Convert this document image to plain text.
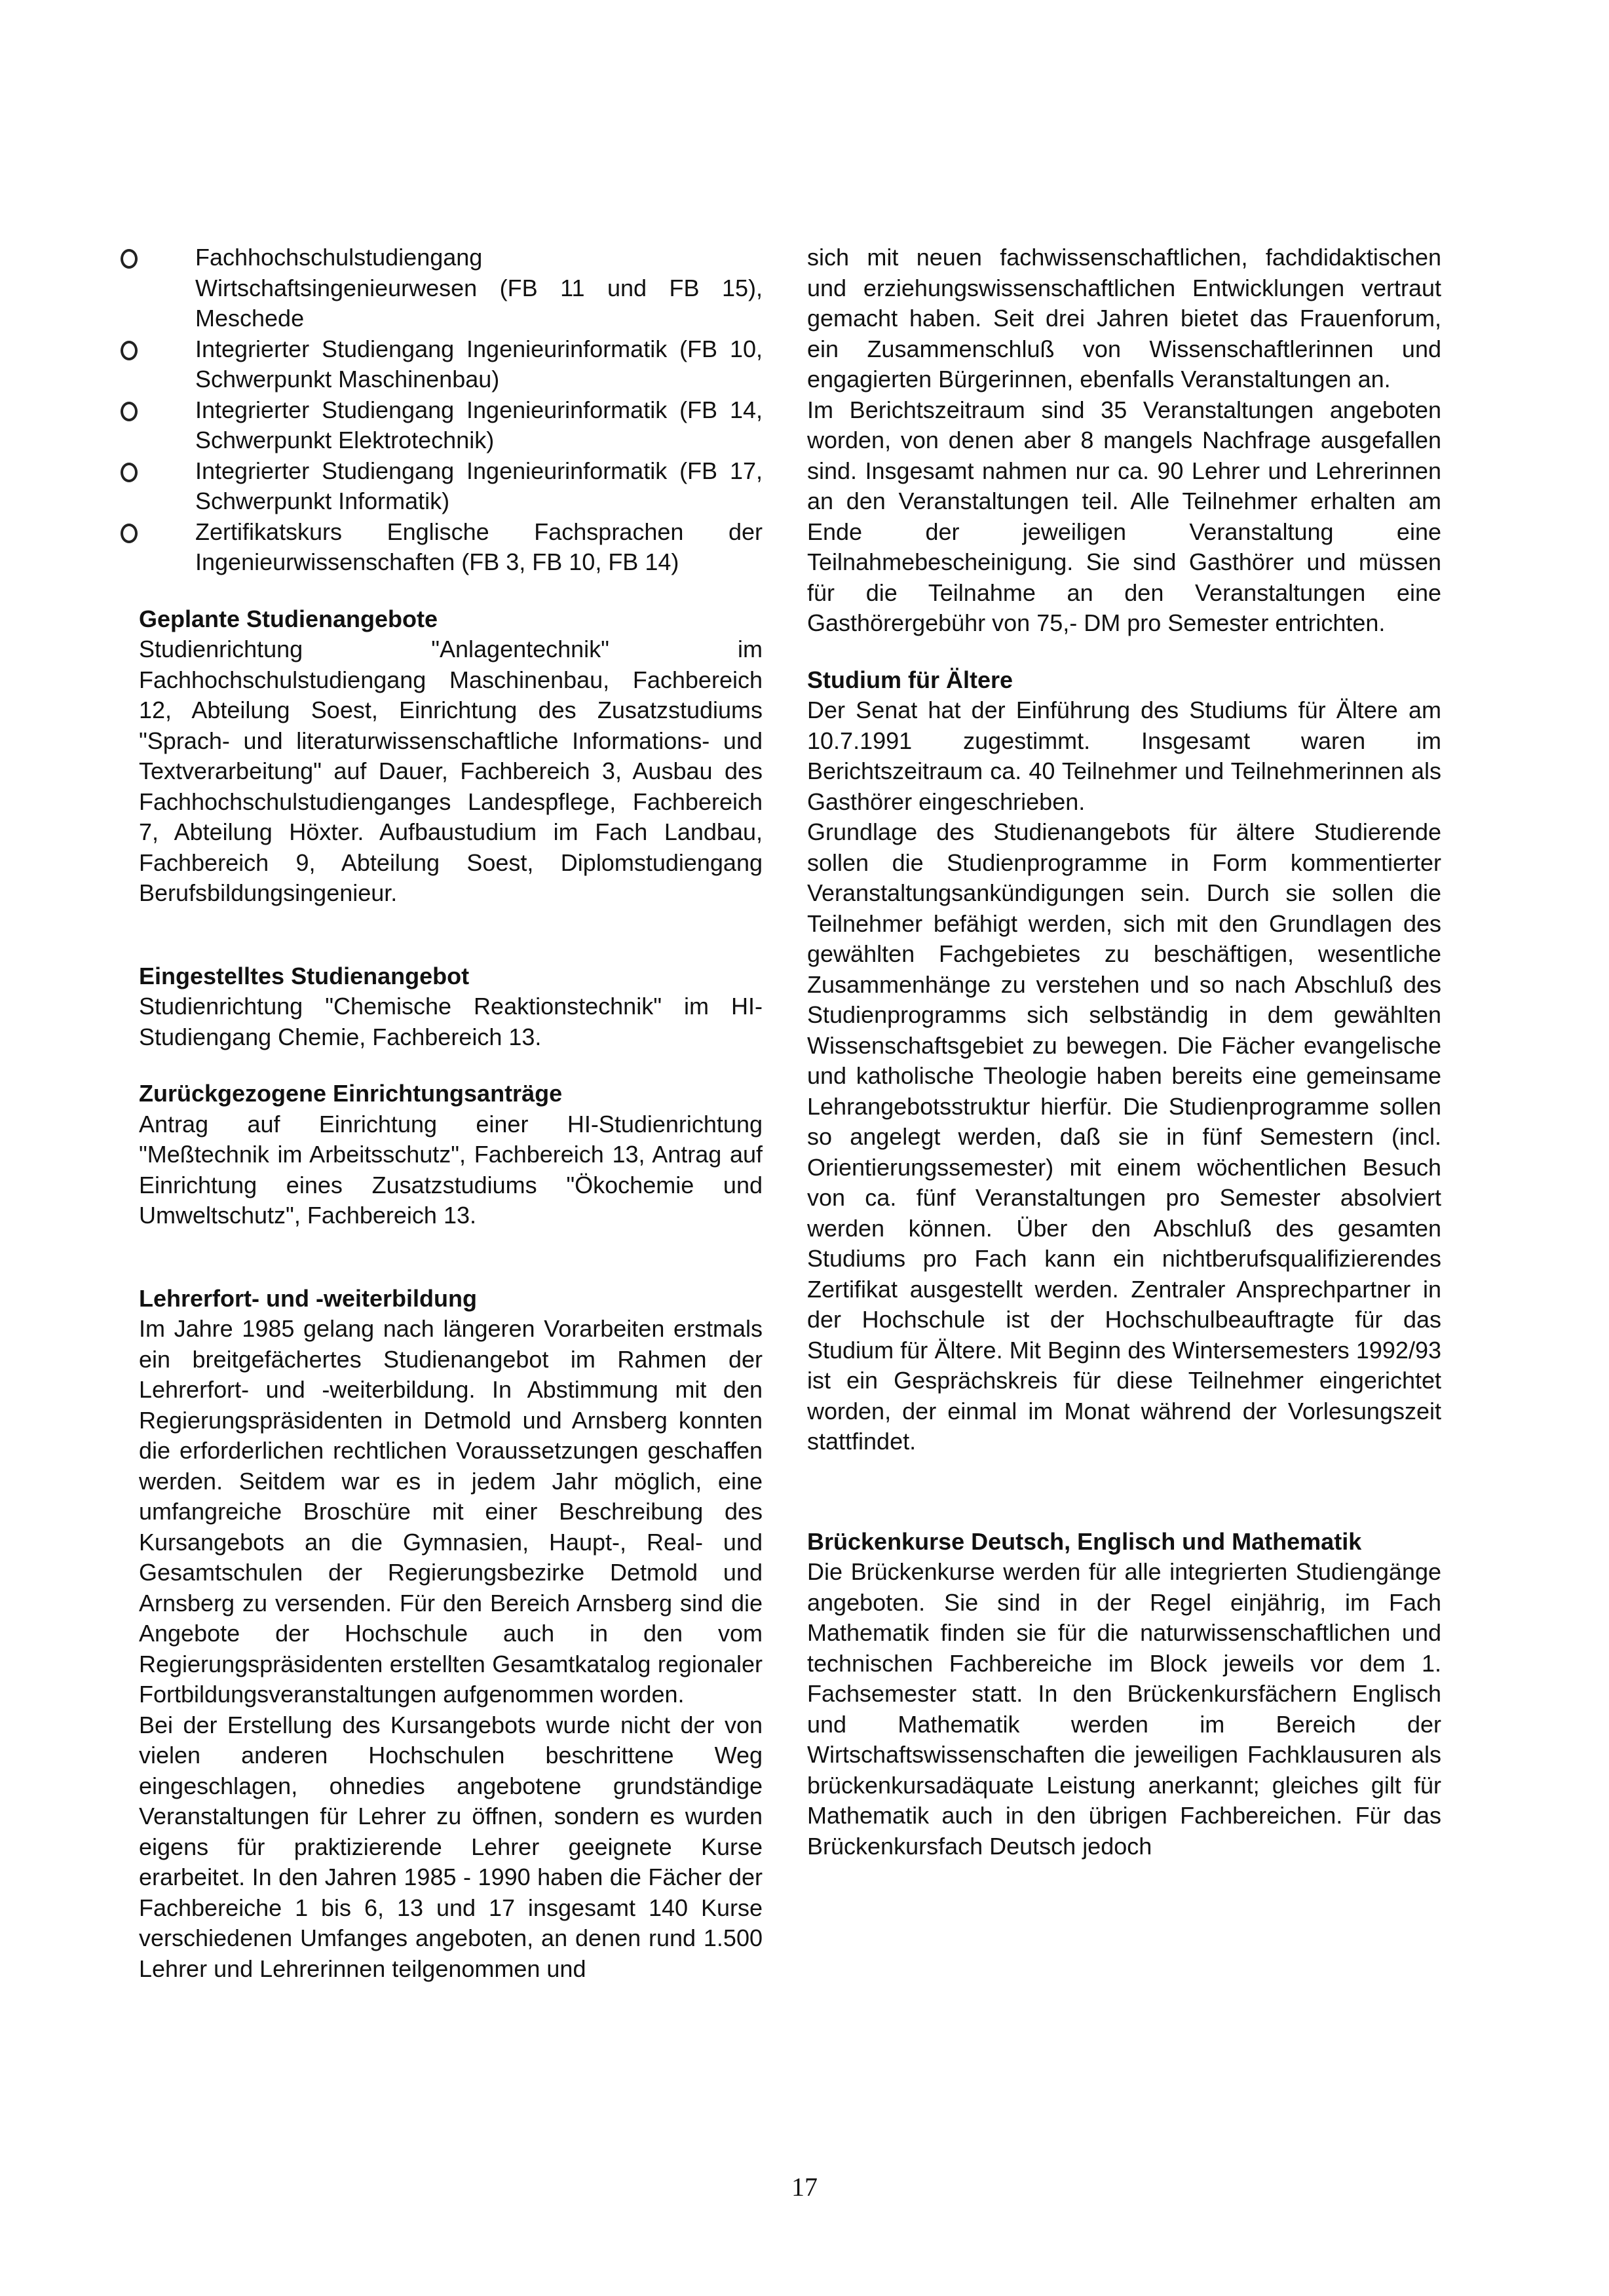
Fachhochschulstudiengang Wirtschaftsingenieurwesen (FB 11 und FB 15), Meschede
Integrierter Studiengang Ingenieurinformatik (FB 10, Schwerpunkt Maschinenbau)
Integrierter Studiengang Ingenieurinformatik (FB 14, Schwerpunkt Elektrotechnik)
Integrierter Studiengang Ingenieurinformatik (FB 17, Schwerpunkt Informatik)
Zertifikatskurs Englische Fachsprachen der Ingenieurwissenschaften (FB 3, FB 10, FB 14)
Geplante Studienangebote

Studienrichtung "Anlagentechnik" im Fachhochschulstudiengang Maschinenbau, Fachbereich 12, Abteilung Soest, Einrichtung des Zusatzstudiums "Sprach- und literaturwissenschaftliche Informations- und Textverarbeitung" auf Dauer, Fachbereich 3, Ausbau des Fachhochschulstudienganges Landespflege, Fachbereich 7, Abteilung Höxter. Aufbaustudium im Fach Landbau, Fachbereich 9, Abteilung Soest, Diplomstudiengang Berufsbildungsingenieur.

Eingestelltes Studienangebot

Studienrichtung "Chemische Reaktionstechnik" im HI-Studiengang Chemie, Fachbereich 13.

Zurückgezogene Einrichtungsanträge

Antrag auf Einrichtung einer HI-Studienrichtung "Meßtechnik im Arbeitsschutz", Fachbereich 13, Antrag auf Einrichtung eines Zusatzstudiums "Ökochemie und Umweltschutz", Fachbereich 13.

Lehrerfort- und -weiterbildung

Im Jahre 1985 gelang nach längeren Vorarbeiten erstmals ein breitgefächertes Studienangebot im Rahmen der Lehrerfort- und -weiterbildung. In Abstimmung mit den Regierungspräsidenten in Detmold und Arnsberg konnten die erforderlichen rechtlichen Voraussetzungen geschaffen werden. Seitdem war es in jedem Jahr möglich, eine umfangreiche Broschüre mit einer Beschreibung des Kursangebots an die Gymnasien, Haupt-, Real- und Gesamtschulen der Regierungsbezirke Detmold und Arnsberg zu versenden. Für den Bereich Arnsberg sind die Angebote der Hochschule auch in den vom Regierungspräsidenten erstellten Gesamtkatalog regionaler Fortbildungsveranstaltungen aufgenommen worden.

Bei der Erstellung des Kursangebots wurde nicht der von vielen anderen Hochschulen beschrittene Weg eingeschlagen, ohnedies angebotene grundständige Veranstaltungen für Lehrer zu öffnen, sondern es wurden eigens für praktizierende Lehrer geeignete Kurse erarbeitet. In den Jahren 1985 - 1990 haben die Fächer der Fachbereiche 1 bis 6, 13 und 17 insgesamt 140 Kurse verschiedenen Umfanges angeboten, an denen rund 1.500 Lehrer und Lehrerinnen teilgenommen und

sich mit neuen fachwissenschaftlichen, fachdidaktischen und erziehungswissenschaftlichen Entwicklungen vertraut gemacht haben. Seit drei Jahren bietet das Frauenforum, ein Zusammenschluß von Wissenschaftlerinnen und engagierten Bürgerinnen, ebenfalls Veranstaltungen an.

Im Berichtszeitraum sind 35 Veranstaltungen angeboten worden, von denen aber 8 mangels Nachfrage ausgefallen sind. Insgesamt nahmen nur ca. 90 Lehrer und Lehrerinnen an den Veranstaltungen teil. Alle Teilnehmer erhalten am Ende der jeweiligen Veranstaltung eine Teilnahmebescheinigung. Sie sind Gasthörer und müssen für die Teilnahme an den Veranstaltungen eine Gasthörergebühr von 75,- DM pro Semester entrichten.

Studium für Ältere

Der Senat hat der Einführung des Studiums für Ältere am 10.7.1991 zugestimmt. Insgesamt waren im Berichtszeitraum ca. 40 Teilnehmer und Teilnehmerinnen als Gasthörer eingeschrieben.

Grundlage des Studienangebots für ältere Studierende sollen die Studienprogramme in Form kommentierter Veranstaltungsankündigungen sein. Durch sie sollen die Teilnehmer befähigt werden, sich mit den Grundlagen des gewählten Fachgebietes zu beschäftigen, wesentliche Zusammenhänge zu verstehen und so nach Abschluß des Studienprogramms sich selbständig in dem gewählten Wissenschaftsgebiet zu bewegen. Die Fächer evangelische und katholische Theologie haben bereits eine gemeinsame Lehrangebotsstruktur hierfür. Die Studienprogramme sollen so angelegt werden, daß sie in fünf Semestern (incl. Orientierungssemester) mit einem wöchentlichen Besuch von ca. fünf Veranstaltungen pro Semester absolviert werden können. Über den Abschluß des gesamten Studiums pro Fach kann ein nichtberufsqualifizierendes Zertifikat ausgestellt werden. Zentraler Ansprechpartner in der Hochschule ist der Hochschulbeauftragte für das Studium für Ältere. Mit Beginn des Wintersemesters 1992/93 ist ein Gesprächskreis für diese Teilnehmer eingerichtet worden, der einmal im Monat während der Vorlesungszeit stattfindet.

Brückenkurse Deutsch, Englisch und Mathematik

Die Brückenkurse werden für alle integrierten Studiengänge angeboten. Sie sind in der Regel einjährig, im Fach Mathematik finden sie für die naturwissenschaftlichen und technischen Fachbereiche im Block jeweils vor dem 1. Fachsemester statt. In den Brückenkursfächern Englisch und Mathematik werden im Bereich der Wirtschaftswissenschaften die jeweiligen Fachklausuren als brückenkursadäquate Leistung anerkannt; gleiches gilt für Mathematik auch in den übrigen Fachbereichen. Für das Brückenkursfach Deutsch jedoch

17
